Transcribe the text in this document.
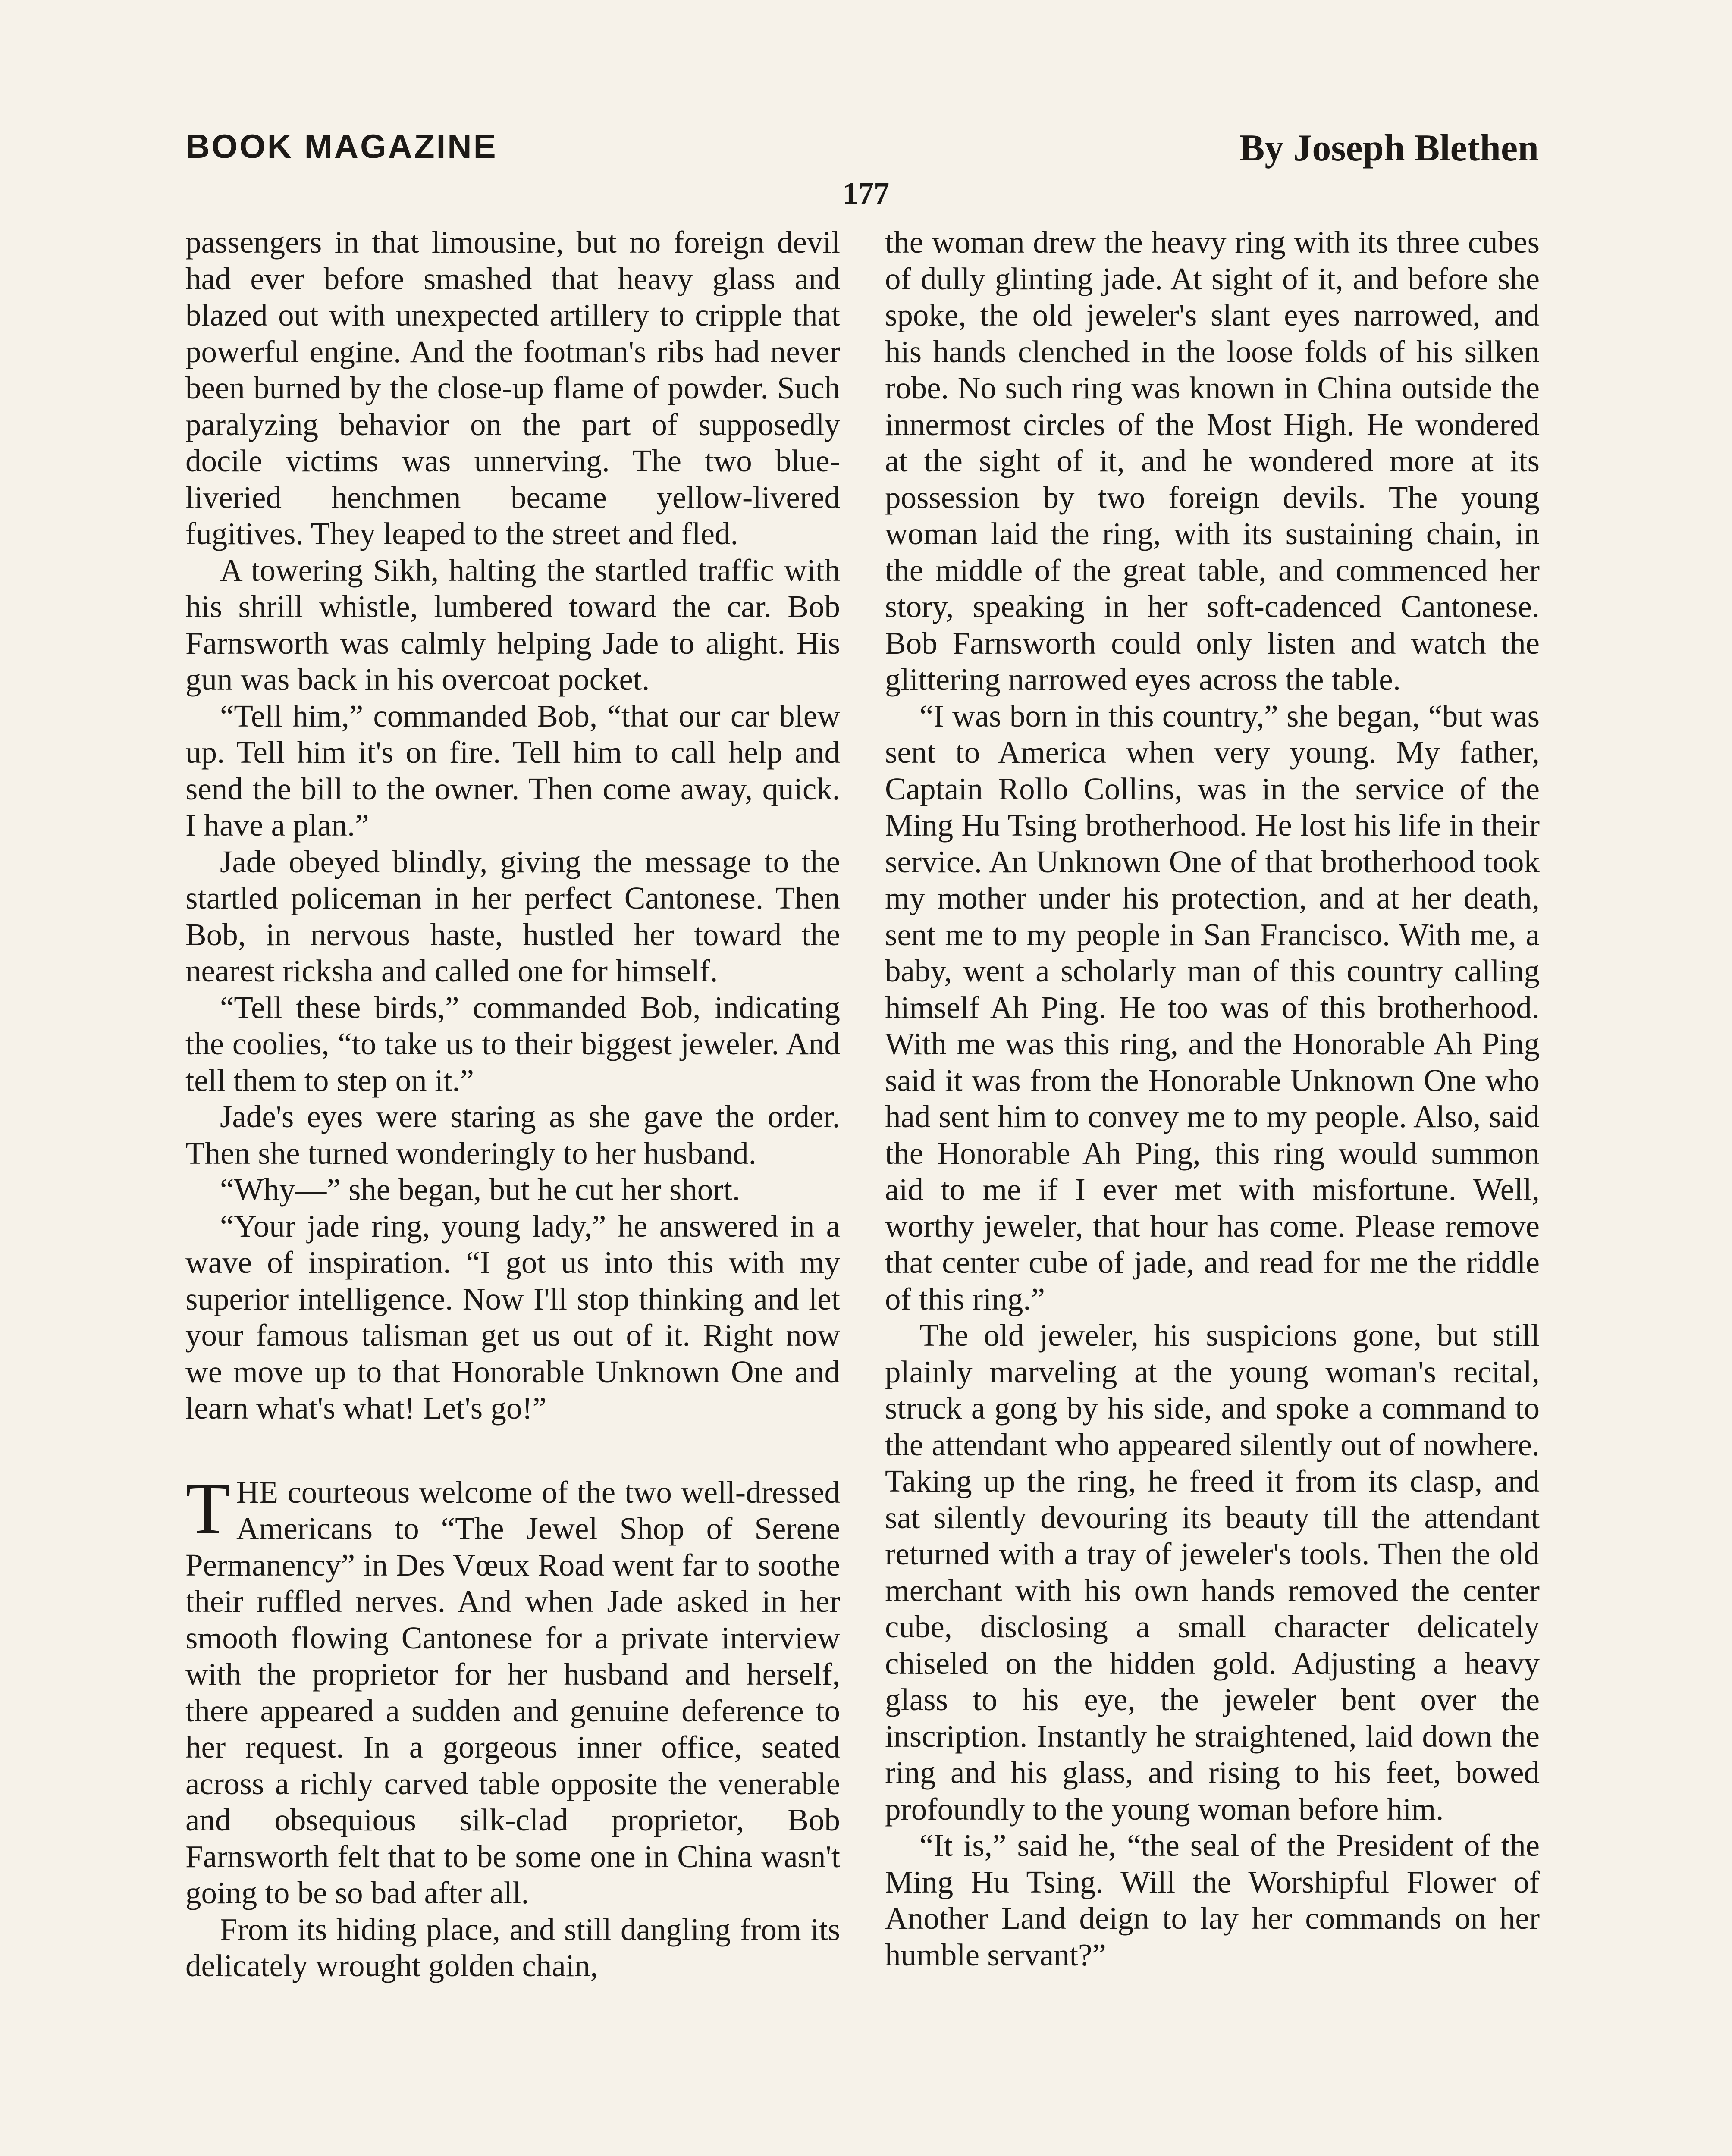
BOOK MAGAZINE	By Joseph Blethen
177

passengers in that limousine, but no foreign devil had ever before smashed that heavy glass and blazed out with unexpected artillery to cripple that powerful engine. And the footman's ribs had never been burned by the close-up flame of powder. Such paralyzing behavior on the part of supposedly docile victims was unnerving. The two blue-liveried henchmen became yellow-livered fugitives. They leaped to the street and fled.

A towering Sikh, halting the startled traffic with his shrill whistle, lumbered toward the car. Bob Farnsworth was calmly helping Jade to alight. His gun was back in his overcoat pocket.

“Tell him,” commanded Bob, “that our car blew up. Tell him it's on fire. Tell him to call help and send the bill to the owner. Then come away, quick. I have a plan.”

Jade obeyed blindly, giving the message to the startled policeman in her perfect Cantonese. Then Bob, in nervous haste, hustled her toward the nearest ricksha and called one for himself.

“Tell these birds,” commanded Bob, indicating the coolies, “to take us to their biggest jeweler. And tell them to step on it.”

Jade's eyes were staring as she gave the order. Then she turned wonderingly to her husband.

“Why—” she began, but he cut her short.

“Your jade ring, young lady,” he answered in a wave of inspiration. “I got us into this with my superior intelligence. Now I'll stop thinking and let your famous talisman get us out of it. Right now we move up to that Honorable Unknown One and learn what's what! Let's go!”

THE courteous welcome of the two well-dressed Americans to “The Jewel Shop of Serene Permanency” in Des Vœux Road went far to soothe their ruffled nerves. And when Jade asked in her smooth flowing Cantonese for a private interview with the proprietor for her husband and herself, there appeared a sudden and genuine deference to her request. In a gorgeous inner office, seated across a richly carved table opposite the venerable and obsequious silk-clad proprietor, Bob Farnsworth felt that to be some one in China wasn't going to be so bad after all.

From its hiding place, and still dangling from its delicately wrought golden chain,

the woman drew the heavy ring with its three cubes of dully glinting jade. At sight of it, and before she spoke, the old jeweler's slant eyes narrowed, and his hands clenched in the loose folds of his silken robe. No such ring was known in China outside the innermost circles of the Most High. He wondered at the sight of it, and he wondered more at its possession by two foreign devils. The young woman laid the ring, with its sustaining chain, in the middle of the great table, and commenced her story, speaking in her soft-cadenced Cantonese. Bob Farnsworth could only listen and watch the glittering narrowed eyes across the table.

“I was born in this country,” she began, “but was sent to America when very young. My father, Captain Rollo Collins, was in the service of the Ming Hu Tsing brotherhood. He lost his life in their service. An Unknown One of that brotherhood took my mother under his protection, and at her death, sent me to my people in San Francisco. With me, a baby, went a scholarly man of this country calling himself Ah Ping. He too was of this brotherhood. With me was this ring, and the Honorable Ah Ping said it was from the Honorable Unknown One who had sent him to convey me to my people. Also, said the Honorable Ah Ping, this ring would summon aid to me if I ever met with misfortune. Well, worthy jeweler, that hour has come. Please remove that center cube of jade, and read for me the riddle of this ring.”

The old jeweler, his suspicions gone, but still plainly marveling at the young woman's recital, struck a gong by his side, and spoke a command to the attendant who appeared silently out of nowhere. Taking up the ring, he freed it from its clasp, and sat silently devouring its beauty till the attendant returned with a tray of jeweler's tools. Then the old merchant with his own hands removed the center cube, disclosing a small character delicately chiseled on the hidden gold. Adjusting a heavy glass to his eye, the jeweler bent over the inscription. Instantly he straightened, laid down the ring and his glass, and rising to his feet, bowed profoundly to the young woman before him.

“It is,” said he, “the seal of the President of the Ming Hu Tsing. Will the Worshipful Flower of Another Land deign to lay her commands on her humble servant?”
